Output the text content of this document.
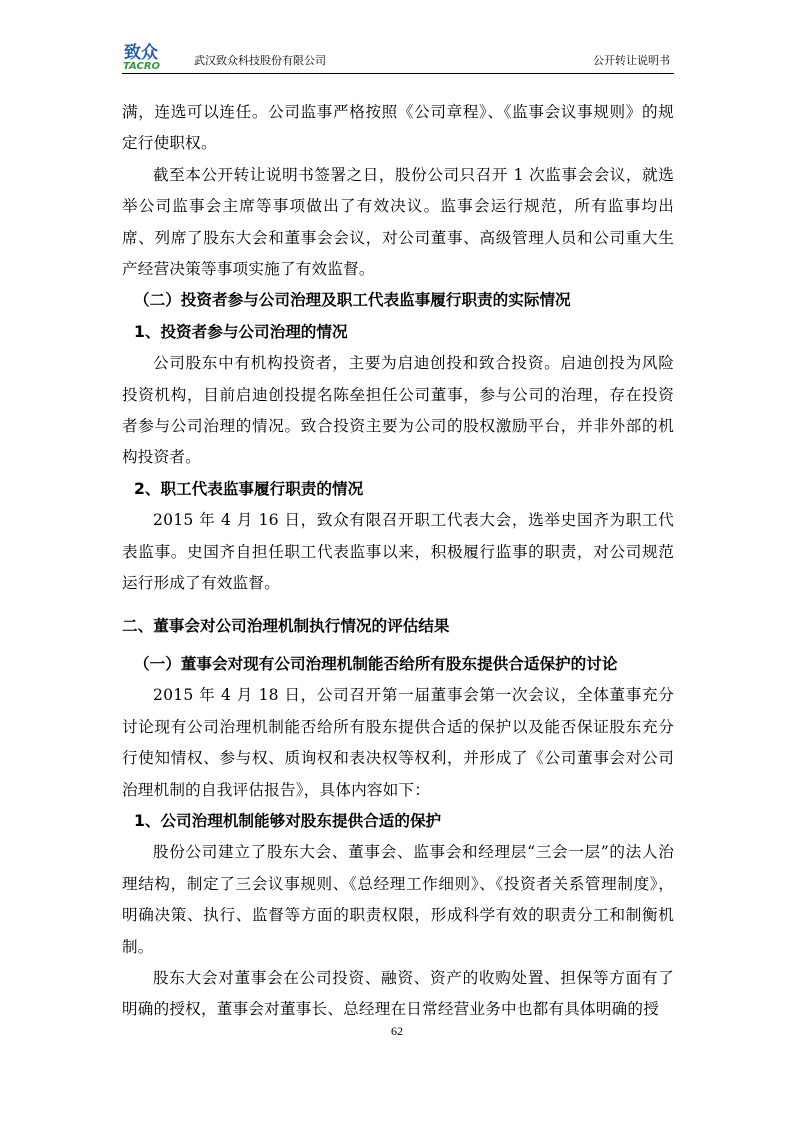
致众
TACRO	武汉致众科技股份有限公司	公开转让说明书

满，连选可以连任。公司监事严格按照《公司章程》、《监事会议事规则》的规定行使职权。

截至本公开转让说明书签署之日，股份公司只召开 1 次监事会会议，就选举公司监事会主席等事项做出了有效决议。监事会运行规范，所有监事均出席、列席了股东大会和董事会会议，对公司董事、高级管理人员和公司重大生产经营决策等事项实施了有效监督。

（二）投资者参与公司治理及职工代表监事履行职责的实际情况

1、投资者参与公司治理的情况

公司股东中有机构投资者，主要为启迪创投和致合投资。启迪创投为风险投资机构，目前启迪创投提名陈垒担任公司董事，参与公司的治理，存在投资者参与公司治理的情况。致合投资主要为公司的股权激励平台，并非外部的机构投资者。

2、职工代表监事履行职责的情况

2015 年 4 月 16 日，致众有限召开职工代表大会，选举史国齐为职工代表监事。史国齐自担任职工代表监事以来，积极履行监事的职责，对公司规范运行形成了有效监督。

二、董事会对公司治理机制执行情况的评估结果

（一）董事会对现有公司治理机制能否给所有股东提供合适保护的讨论

2015 年 4 月 18 日，公司召开第一届董事会第一次会议，全体董事充分讨论现有公司治理机制能否给所有股东提供合适的保护以及能否保证股东充分行使知情权、参与权、质询权和表决权等权利，并形成了《公司董事会对公司治理机制的自我评估报告》，具体内容如下：

1、公司治理机制能够对股东提供合适的保护

股份公司建立了股东大会、董事会、监事会和经理层“三会一层”的法人治理结构，制定了三会议事规则、《总经理工作细则》、《投资者关系管理制度》，明确决策、执行、监督等方面的职责权限，形成科学有效的职责分工和制衡机制。

股东大会对董事会在公司投资、融资、资产的收购处置、担保等方面有了明确的授权，董事会对董事长、总经理在日常经营业务中也都有具体明确的授

62
